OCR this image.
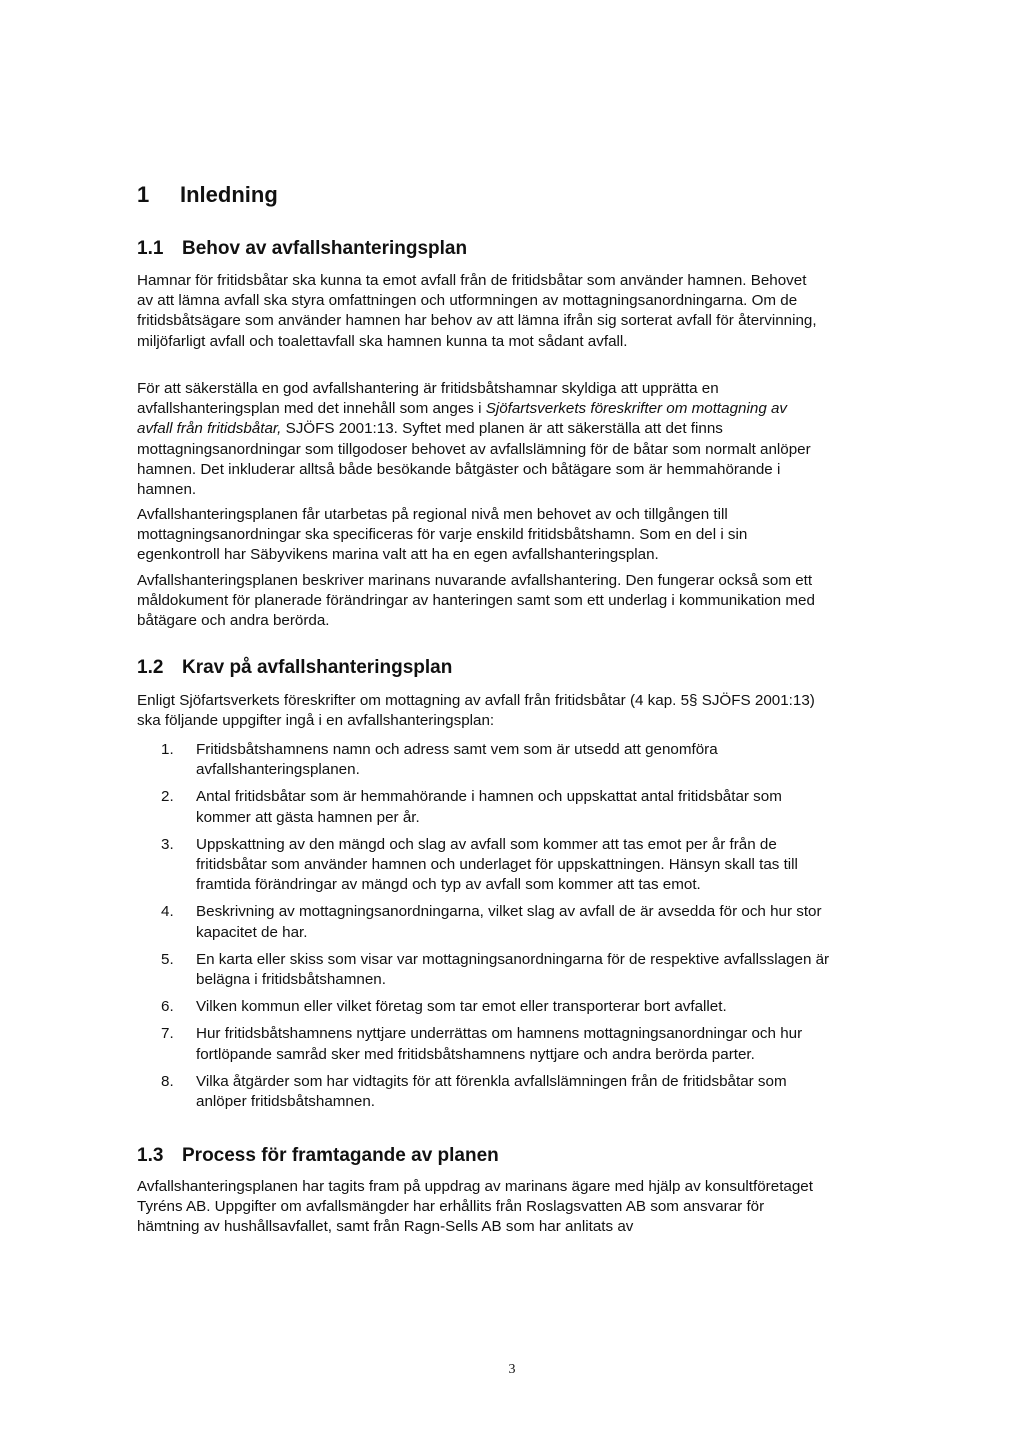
1 Inledning
1.1 Behov av avfallshanteringsplan

Hamnar för fritidsbåtar ska kunna ta emot avfall från de fritidsbåtar som använder hamnen. Behovet av att lämna avfall ska styra omfattningen och utformningen av mottagningsanordningarna. Om de fritidsbåtsägare som använder hamnen har behov av att lämna ifrån sig sorterat avfall för återvinning, miljöfarligt avfall och toalettavfall ska hamnen kunna ta mot sådant avfall.

För att säkerställa en god avfallshantering är fritidsbåtshamnar skyldiga att upprätta en avfallshanteringsplan med det innehåll som anges i Sjöfartsverkets föreskrifter om mottagning av avfall från fritidsbåtar, SJÖFS 2001:13. Syftet med planen är att säkerställa att det finns mottagningsanordningar som tillgodoser behovet av avfallslämning för de båtar som normalt anlöper hamnen. Det inkluderar alltså både besökande båtgäster och båtägare som är hemmahörande i hamnen.

Avfallshanteringsplanen får utarbetas på regional nivå men behovet av och tillgången till mottagningsanordningar ska specificeras för varje enskild fritidsbåtshamn. Som en del i sin egenkontroll har Säbyvikens marina valt att ha en egen avfallshanteringsplan.

Avfallshanteringsplanen beskriver marinans nuvarande avfallshantering. Den fungerar också som ett måldokument för planerade förändringar av hanteringen samt som ett underlag i kommunikation med båtägare och andra berörda.

1.2 Krav på avfallshanteringsplan

Enligt Sjöfartsverkets föreskrifter om mottagning av avfall från fritidsbåtar (4 kap. 5§ SJÖFS 2001:13) ska följande uppgifter ingå i en avfallshanteringsplan:

1.	Fritidsbåtshamnens namn och adress samt vem som är utsedd att genomföra avfallshanteringsplanen.
2.	Antal fritidsbåtar som är hemmahörande i hamnen och uppskattat antal fritidsbåtar som kommer att gästa hamnen per år.
3.	Uppskattning av den mängd och slag av avfall som kommer att tas emot per år från de fritidsbåtar som använder hamnen och underlaget för uppskattningen. Hänsyn skall tas till framtida förändringar av mängd och typ av avfall som kommer att tas emot.
4.	Beskrivning av mottagningsanordningarna, vilket slag av avfall de är avsedda för och hur stor kapacitet de har.
5.	En karta eller skiss som visar var mottagningsanordningarna för de respektive avfallsslagen är belägna i fritidsbåtshamnen.
6.	Vilken kommun eller vilket företag som tar emot eller transporterar bort avfallet.
7.	Hur fritidsbåtshamnens nyttjare underrättas om hamnens mottagningsanordningar och hur fortlöpande samråd sker med fritidsbåtshamnens nyttjare och andra berörda parter.
8.	Vilka åtgärder som har vidtagits för att förenkla avfallslämningen från de fritidsbåtar som anlöper fritidsbåtshamnen.
1.3 Process för framtagande av planen

Avfallshanteringsplanen har tagits fram på uppdrag av marinans ägare med hjälp av konsultföretaget Tyréns AB. Uppgifter om avfallsmängder har erhållits från Roslagsvatten AB som ansvarar för hämtning av hushållsavfallet, samt från Ragn-Sells AB som har anlitats av

3
